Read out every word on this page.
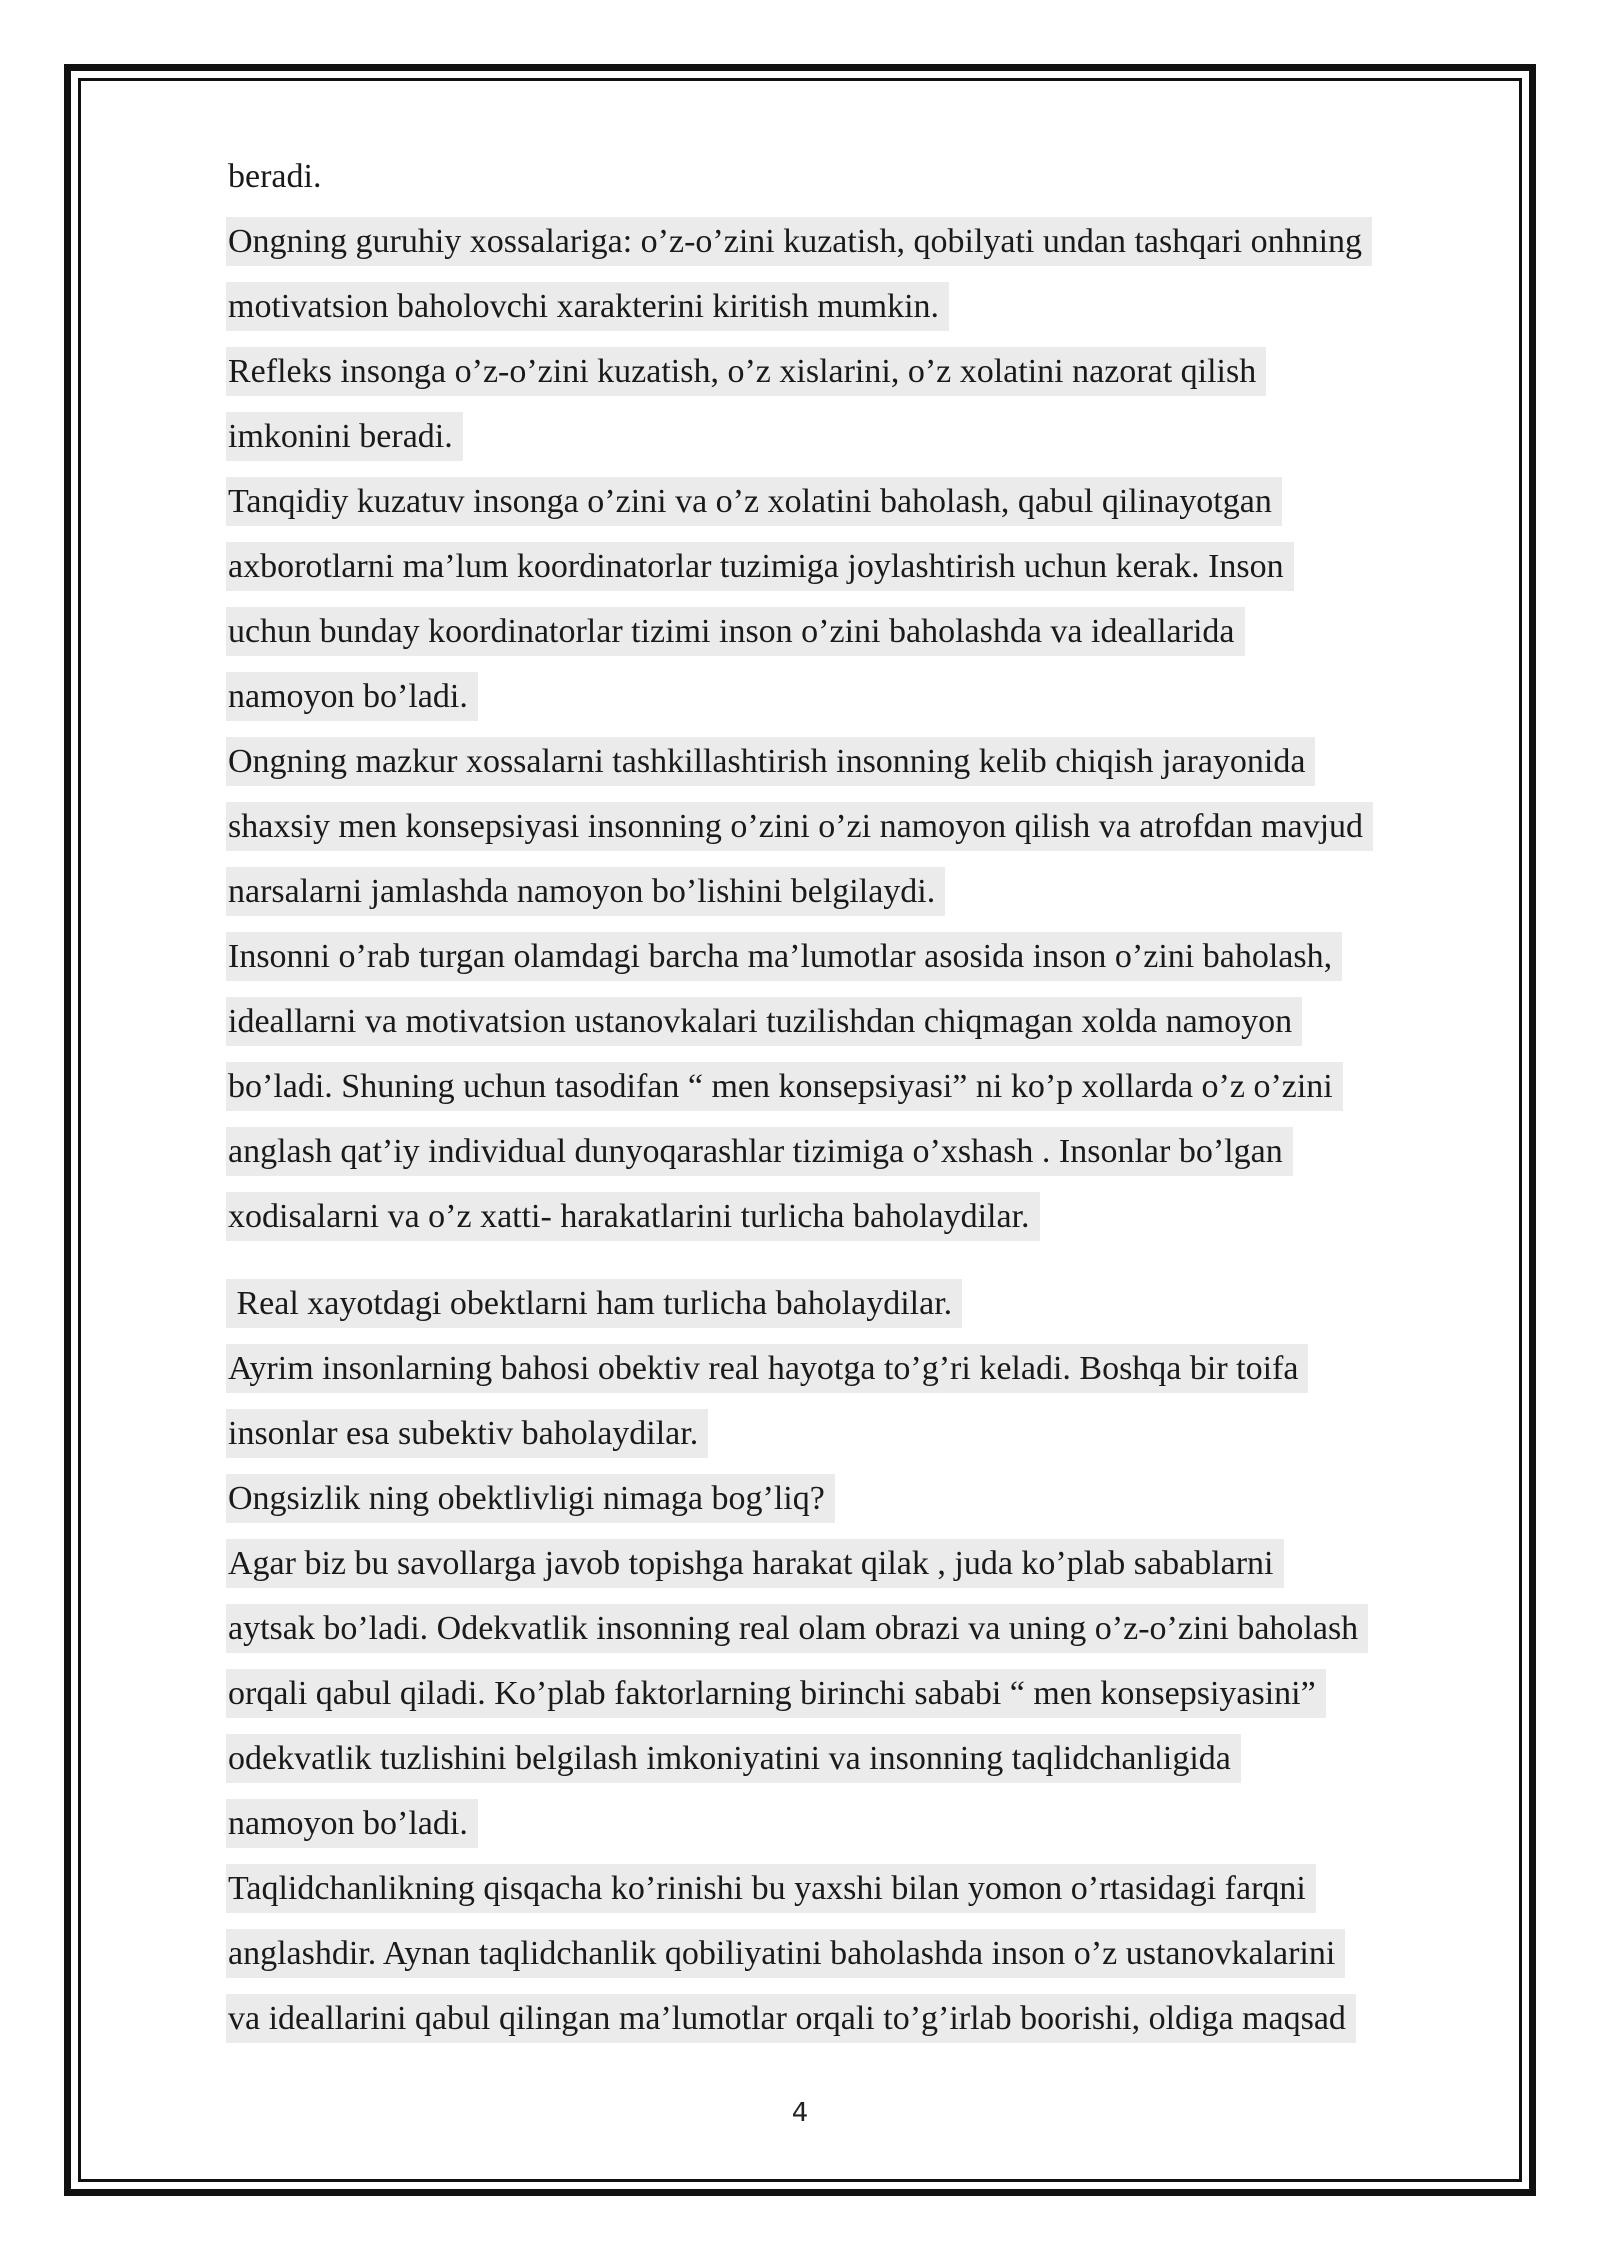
beradi.
Ongning guruhiy xossalariga: o’z-o’zini kuzatish, qobilyati undan tashqari onhning
motivatsion baholovchi xarakterini kiritish mumkin.
Refleks insonga o’z-o’zini kuzatish, o’z xislarini, o’z xolatini nazorat qilish
imkonini beradi.
Tanqidiy kuzatuv insonga o’zini va o’z xolatini baholash, qabul qilinayotgan
axborotlarni ma’lum koordinatorlar tuzimiga joylashtirish uchun kerak. Inson
uchun bunday koordinatorlar tizimi inson o’zini baholashda va ideallarida
namoyon bo’ladi.
Ongning mazkur xossalarni tashkillashtirish insonning kelib chiqish jarayonida
shaxsiy men konsepsiyasi insonning o’zini o’zi namoyon qilish va atrofdan mavjud
narsalarni jamlashda namoyon bo’lishini belgilaydi.
Insonni o’rab turgan olamdagi barcha ma’lumotlar asosida inson o’zini baholash,
ideallarni va motivatsion ustanovkalari tuzilishdan chiqmagan xolda namoyon
bo’ladi. Shuning uchun tasodifan “ men konsepsiyasi” ni ko’p xollarda o’z o’zini
anglash qat’iy individual dunyoqarashlar tizimiga o’xshash . Insonlar bo’lgan
xodisalarni va o’z xatti- harakatlarini turlicha baholaydilar.
Real xayotdagi obektlarni ham turlicha baholaydilar.
Ayrim insonlarning bahosi obektiv real hayotga to’g’ri keladi. Boshqa bir toifa
insonlar esa subektiv baholaydilar.
Ongsizlik ning obektlivligi nimaga bog’liq?
Agar biz bu savollarga javob topishga harakat qilak , juda ko’plab sabablarni
aytsak bo’ladi. Odekvatlik insonning real olam obrazi va uning o’z-o’zini baholash
orqali qabul qiladi. Ko’plab faktorlarning birinchi sababi “ men konsepsiyasini”
odekvatlik tuzlishini belgilash imkoniyatini va insonning taqlidchanligida
namoyon bo’ladi.
Taqlidchanlikning qisqacha ko’rinishi bu yaxshi bilan yomon o’rtasidagi farqni
anglashdir. Aynan taqlidchanlik qobiliyatini baholashda inson o’z ustanovkalarini
va ideallarini qabul qilingan ma’lumotlar orqali to’g’irlab boorishi, oldiga maqsad
4
